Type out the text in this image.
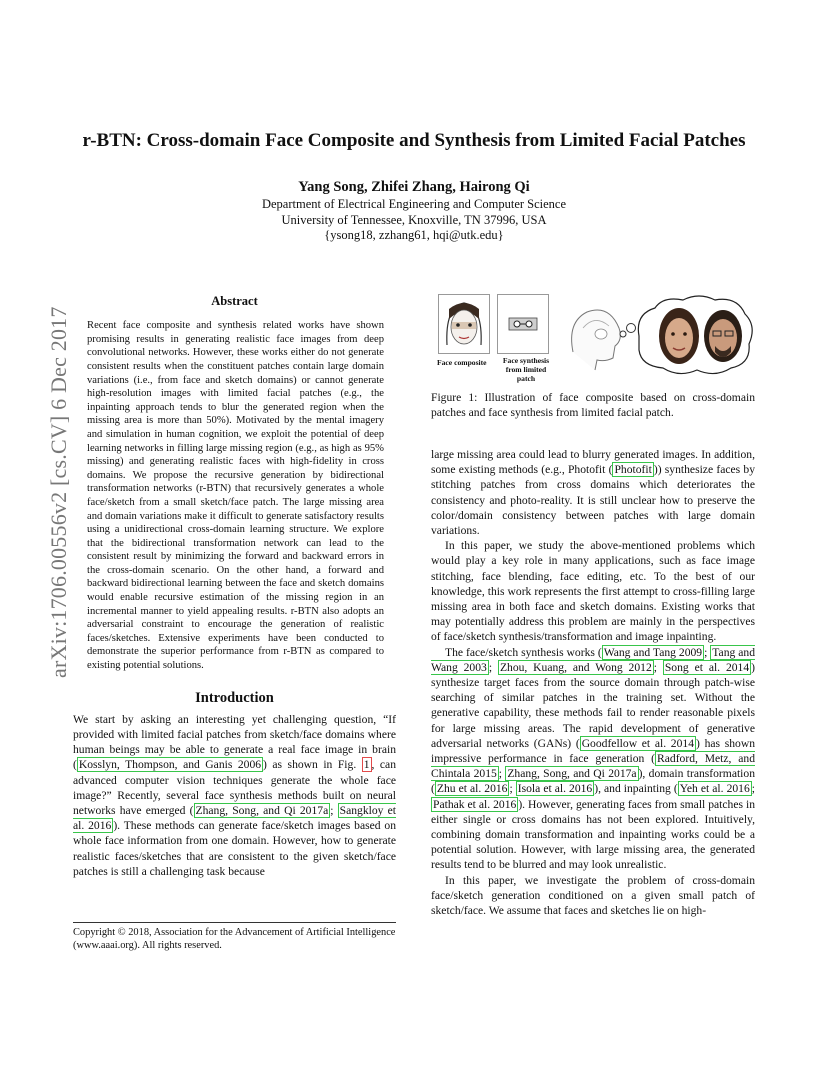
arXiv:1706.00556v2 [cs.CV] 6 Dec 2017
r-BTN: Cross-domain Face Composite and Synthesis from Limited Facial Patches
Yang Song, Zhifei Zhang, Hairong Qi
Department of Electrical Engineering and Computer Science
University of Tennessee, Knoxville, TN 37996, USA
{ysong18, zzhang61, hqi@utk.edu}
Abstract
Recent face composite and synthesis related works have shown promising results in generating realistic face images from deep convolutional networks. However, these works either do not generate consistent results when the constituent patches contain large domain variations (i.e., from face and sketch domains) or cannot generate high-resolution images with limited facial patches (e.g., the inpainting approach tends to blur the generated region when the missing area is more than 50%). Motivated by the mental imagery and simulation in human cognition, we exploit the potential of deep learning networks in filling large missing region (e.g., as high as 95% missing) and generating realistic faces with high-fidelity in cross domains. We propose the recursive generation by bidirectional transformation networks (r-BTN) that recursively generates a whole face/sketch from a small sketch/face patch. The large missing area and domain variations make it difficult to generate satisfactory results using a unidirectional cross-domain learning structure. We explore that the bidirectional transformation network can lead to the consistent result by minimizing the forward and backward errors in the cross-domain scenario. On the other hand, a forward and backward bidirectional learning between the face and sketch domains would enable recursive estimation of the missing region in an incremental manner to yield appealing results. r-BTN also adopts an adversarial constraint to encourage the generation of realistic faces/sketches. Extensive experiments have been conducted to demonstrate the superior performance from r-BTN as compared to existing potential solutions.
Introduction

We start by asking an interesting yet challenging question, “If provided with limited facial patches from sketch/face domains where human beings may be able to generate a real face image in brain ( Kosslyn, Thompson, and Ganis 2006 ) as shown in Fig. 1 , can advanced computer vision techniques generate the whole face image?” Recently, several face synthesis methods built on neural networks have emerged ( Zhang, Song, and Qi 2017a ; Sangkloy et al. 2016 ). These methods can generate face/sketch images based on whole face information from one domain. However, how to generate realistic faces/sketches that are consistent to the given sketch/face patches is still a challenging task because

Copyright © 2018, Association for the Advancement of Artificial Intelligence (www.aaai.org). All rights reserved.
Face composite	Face synthesis
from limited patch
Figure 1: Illustration of face composite based on cross-domain patches and face synthesis from limited facial patch.

large missing area could lead to blurry generated images. In addition, some existing methods (e.g., Photofit ( Photofit )) synthesize faces by stitching patches from cross domains which deteriorates the consistency and photo-reality. It is still unclear how to preserve the color/domain consistency between patches with large domain variations.

In this paper, we study the above-mentioned problems which would play a key role in many applications, such as face image stitching, face blending, face editing, etc. To the best of our knowledge, this work represents the first attempt to cross-filling large missing area in both face and sketch domains. Existing works that may potentially address this problem are mainly in the perspectives of face/sketch synthesis/transformation and image inpainting.

The face/sketch synthesis works ( Wang and Tang 2009 ; Tang and Wang 2003 ; Zhou, Kuang, and Wong 2012 ; Song et al. 2014 ) synthesize target faces from the source domain through patch-wise searching of similar patches in the training set. Without the generative capability, these methods fail to render reasonable pixels for large missing areas. The rapid development of generative adversarial networks (GANs) ( Goodfellow et al. 2014 ) has shown impressive performance in face generation ( Radford, Metz, and Chintala 2015 ; Zhang, Song, and Qi 2017a ), domain transformation ( Zhu et al. 2016 ; Isola et al. 2016 ), and inpainting ( Yeh et al. 2016 ; Pathak et al. 2016 ). However, generating faces from small patches in either single or cross domains has not been explored. Intuitively, combining domain transformation and inpainting works could be a potential solution. However, with large missing area, the generated results tend to be blurred and may look unrealistic.

In this paper, we investigate the problem of cross-domain face/sketch generation conditioned on a given small patch of sketch/face. We assume that faces and sketches lie on high-
